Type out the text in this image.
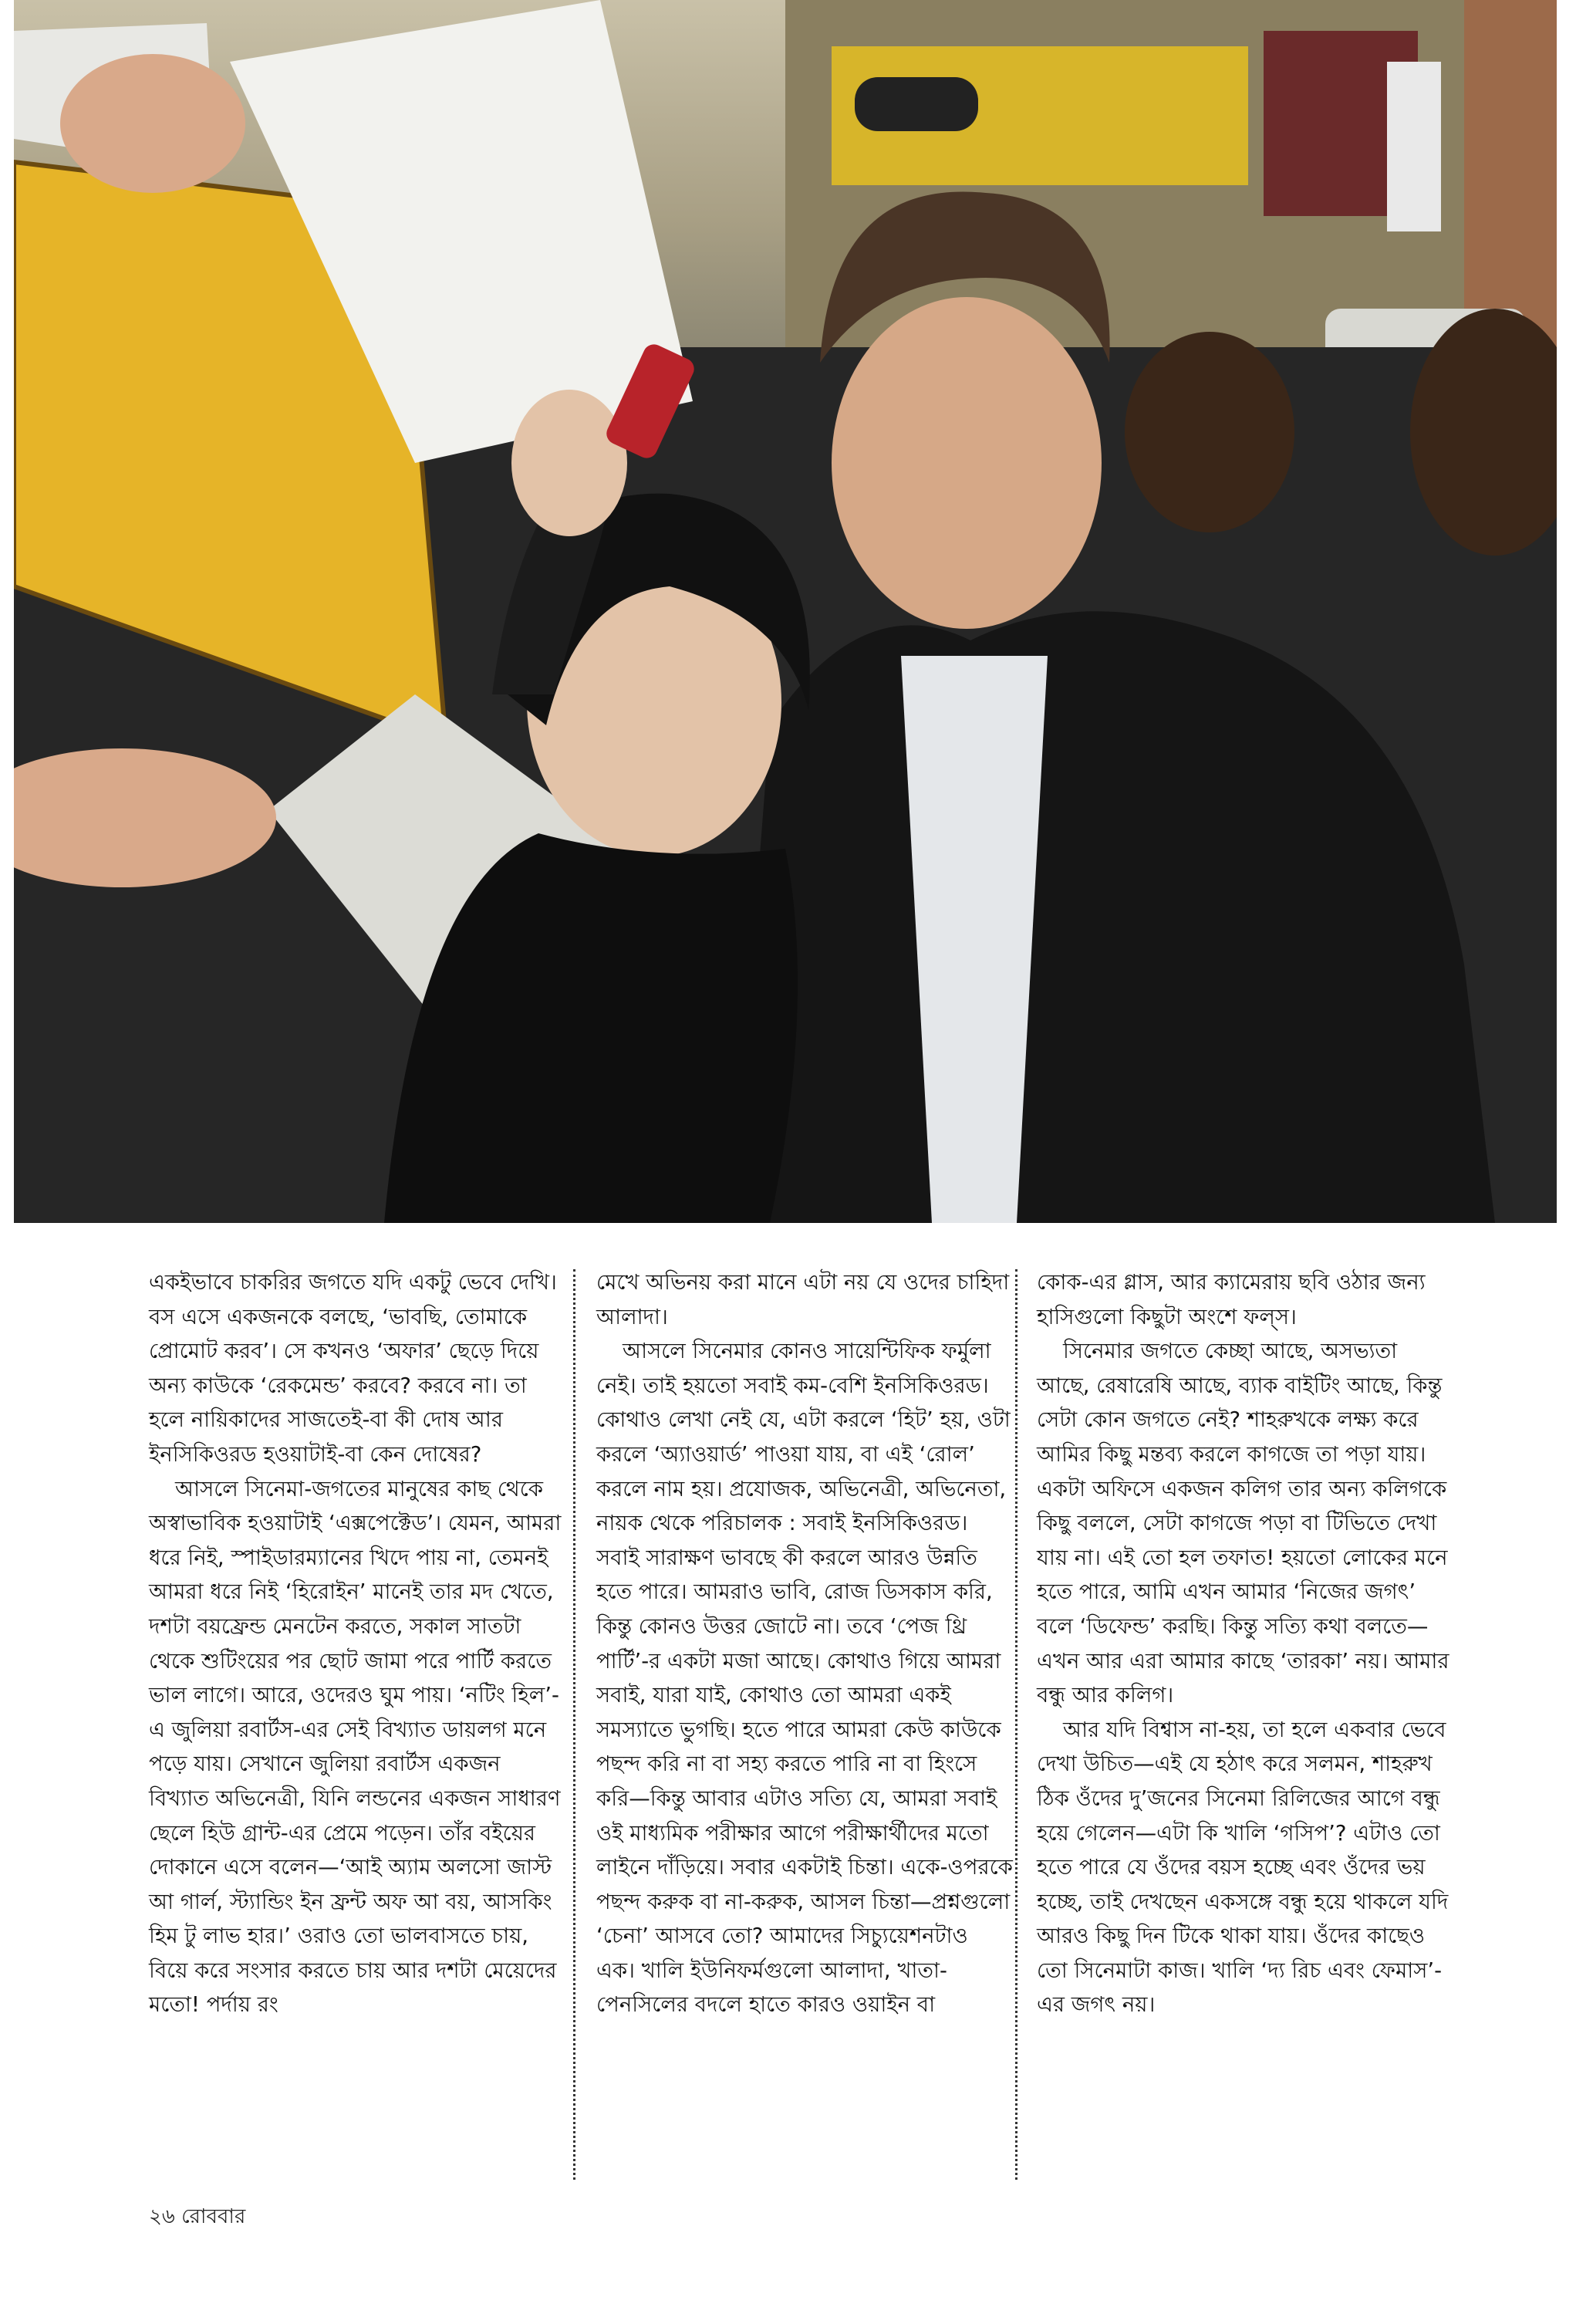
একইভাবে চাকরির জগতে যদি একটু ভেবে দেখি। বস এসে একজনকে বলছে, ‘ভাবছি, তোমাকে প্রোমোট করব’। সে কখনও ‘অফার’ ছেড়ে দিয়ে অন্য কাউকে ‘রেকমেন্ড’ করবে? করবে না। তা হলে নায়িকাদের সাজতেই-বা কী দোষ আর ইনসিকিওরড হওয়াটাই-বা কেন দোষের?

আসলে সিনেমা-জগতের মানুষের কাছ থেকে অস্বাভাবিক হওয়াটাই ‘এক্সপেক্টেড’। যেমন, আমরা ধরে নিই, স্পাইডারম্যানের খিদে পায় না, তেমনই আমরা ধরে নিই ‘হিরোইন’ মানেই তার মদ খেতে, দশটা বয়ফ্রেন্ড মেনটেন করতে, সকাল সাতটা থেকে শুটিংয়ের পর ছোট জামা পরে পার্টি করতে ভাল লাগে। আরে, ওদেরও ঘুম পায়। ‘নটিং হিল’-এ জুলিয়া রবার্টস-এর সেই বিখ্যাত ডায়লগ মনে পড়ে যায়। সেখানে জুলিয়া রবার্টস একজন বিখ্যাত অভিনেত্রী, যিনি লন্ডনের একজন সাধারণ ছেলে হিউ গ্রান্ট-এর প্রেমে পড়েন। তাঁর বইয়ের দোকানে এসে বলেন—‘আই অ্যাম অলসো জাস্ট আ গার্ল, স্ট্যান্ডিং ইন ফ্রন্ট অফ আ বয়, আসকিং হিম টু লাভ হার।’ ওরাও তো ভালবাসতে চায়, বিয়ে করে সংসার করতে চায় আর দশটা মেয়েদের মতো! পর্দায় রং

মেখে অভিনয় করা মানে এটা নয় যে ওদের চাহিদা আলাদা।

আসলে সিনেমার কোনও সায়েন্টিফিক ফর্মুলা নেই। তাই হয়তো সবাই কম-বেশি ইনসিকিওরড। কোথাও লেখা নেই যে, এটা করলে ‘হিট’ হয়, ওটা করলে ‘অ্যাওয়ার্ড’ পাওয়া যায়, বা এই ‘রোল’ করলে নাম হয়। প্রযোজক, অভিনেত্রী, অভিনেতা, নায়ক থেকে পরিচালক : সবাই ইনসিকিওরড। সবাই সারাক্ষণ ভাবছে কী করলে আরও উন্নতি হতে পারে। আমরাও ভাবি, রোজ ডিসকাস করি, কিন্তু কোনও উত্তর জোটে না। তবে ‘পেজ থ্রি পার্টি’-র একটা মজা আছে। কোথাও গিয়ে আমরা সবাই, যারা যাই, কোথাও তো আমরা একই সমস্যাতে ভুগছি। হতে পারে আমরা কেউ কাউকে পছন্দ করি না বা সহ্য করতে পারি না বা হিংসে করি—কিন্তু আবার এটাও সত্যি যে, আমরা সবাই ওই মাধ্যমিক পরীক্ষার আগে পরীক্ষার্থীদের মতো লাইনে দাঁড়িয়ে। সবার একটাই চিন্তা। একে-ওপরকে পছন্দ করুক বা না-করুক, আসল চিন্তা—প্রশ্নগুলো ‘চেনা’ আসবে তো? আমাদের সিচ্যুয়েশনটাও এক। খালি ইউনিফর্মগুলো আলাদা, খাতা-পেনসিলের বদলে হাতে কারও ওয়াইন বা

কোক-এর গ্লাস, আর ক্যামেরায় ছবি ওঠার জন্য হাসিগুলো কিছুটা অংশে ফল্‌স।

সিনেমার জগতে কেচ্ছা আছে, অসভ্যতা আছে, রেষারেষি আছে, ব্যাক বাইটিং আছে, কিন্তু সেটা কোন জগতে নেই? শাহরুখকে লক্ষ্য করে আমির কিছু মন্তব্য করলে কাগজে তা পড়া যায়। একটা অফিসে একজন কলিগ তার অন্য কলিগকে কিছু বললে, সেটা কাগজে পড়া বা টিভিতে দেখা যায় না। এই তো হল তফাত! হয়তো লোকের মনে হতে পারে, আমি এখন আমার ‘নিজের জগৎ’ বলে ‘ডিফেন্ড’ করছি। কিন্তু সত্যি কথা বলতে—এখন আর এরা আমার কাছে ‘তারকা’ নয়। আমার বন্ধু আর কলিগ।

আর যদি বিশ্বাস না-হয়, তা হলে একবার ভেবে দেখা উচিত—এই যে হঠাৎ করে সলমন, শাহরুখ ঠিক ওঁদের দু’জনের সিনেমা রিলিজের আগে বন্ধু হয়ে গেলেন—এটা কি খালি ‘গসিপ’? এটাও তো হতে পারে যে ওঁদের বয়স হচ্ছে এবং ওঁদের ভয় হচ্ছে, তাই দেখছেন একসঙ্গে বন্ধু হয়ে থাকলে যদি আরও কিছু দিন টিকে থাকা যায়। ওঁদের কাছেও তো সিনেমাটা কাজ। খালি ‘দ্য রিচ এবং ফেমাস’-এর জগৎ নয়।

২৬ রোববার
